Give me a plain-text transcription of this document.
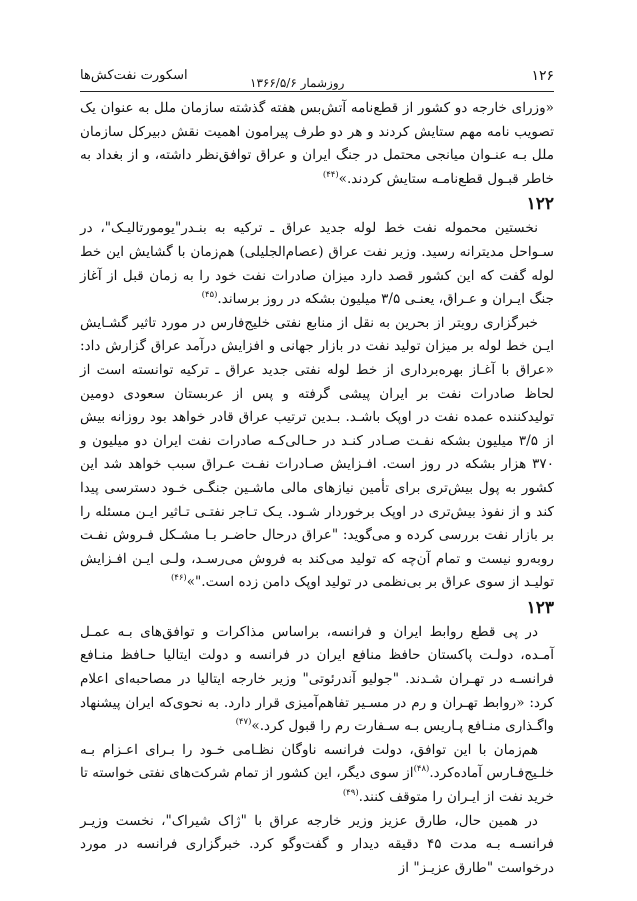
اسکورت نفت‌کش‌ها	روزشمار ۱۳۶۶/۵/۶	۱۲۶

«وزرای خارجه دو کشور از قطع‌نامه آتش‌بس هفته گذشته سازمان ملل به عنوان یک تصویب نامه مهم ستایش کردند و هر دو طرف پیرامون اهمیت نقش دبیرکل سازمان ملل بـه عنـوان میانجی محتمل در جنگ ایران و عراق توافق‌نظر داشته، و از بغداد به خاطر قبـول قطع‌نامـه ستایش کردند.»$^{(۴۴)}$

۱۲۲

نخستین محموله نفت خط لوله جدید عراق ـ ترکیه به بنـدر"یومورتالیـک"، در سـواحل مدیترانه رسید. وزیر نفت عراق (عصام‌الجلیلی) هم‌زمان با گشایش این خط لوله گفت که این کشور قصد دارد میزان صادرات نفت خود را به زمان قبل از آغاز جنگ ایـران و عـراق، یعنـی ۳/۵ میلیون بشکه در روز برساند.$^{(۴۵)}$

خبرگزاری رویتر از بحرین به نقل از منابع نفتی خلیج‌فارس در مورد تاثیر گشـایش ایـن خط لوله بر میزان تولید نفت در بازار جهانی و افزایش درآمد عراق گزارش داد: «عراق با آغـاز بهره‌برداری از خط لوله نفتی جدید عراق ـ ترکیه توانسته است از لحاظ صادرات نفت بر ایران پیشی گرفته و پس از عربستان سعودی دومین تولیدکننده عمده نفت در اوپک باشـد. بـدین ترتیب عراق قادر خواهد بود روزانه بیش از ۳/۵ میلیون بشکه نفـت صـادر کنـد در حـالی‌کـه صادرات نفت ایران دو میلیون و ۳۷۰ هزار بشکه در روز است. افـزایش صـادرات نفـت عـراق سبب خواهد شد این کشور به پول بیش‌تری برای تأمین نیازهای مالی ماشـین جنگـی خـود دسترسی پیدا کند و از نفوذ بیش‌تری در اوپک برخوردار شـود. یـک تـاجر نفتـی تـاثیر ایـن مسئله را بر بازار نفت بررسی کرده و می‌گوید: "عراق درحال حاضـر بـا مشـکل فـروش نفـت روبه‌رو نیست و تمام آن‌چه که تولید می‌کند به فروش می‌رسـد، ولـی ایـن افـزایش تولیـد از سوی عراق بر بی‌نظمی در تولید اوپک دامن زده است."»$^{(۴۶)}$

۱۲۳

در پی قطع روابط ایران و فرانسه، براساس مذاکرات و توافق‌های بـه عمـل آمـده، دولـت پاکستان حافظ منافع ایران در فرانسه و دولت ایتالیا حـافظ منـافع فرانسـه در تهـران شـدند. "جولیو آندرئوتی" وزیر خارجه ایتالیا در مصاحبه‌ای اعلام کرد: «روابط تهـران و رم در مسـیر تفاهم‌آمیزی قرار دارد. به نحوی‌که ایران پیشنهاد واگـذاری منـافع پـاریس بـه سـفارت رم را قبول کرد.»$^{(۴۷)}$

هم‌زمان با این توافق، دولت فرانسه ناوگان نظـامی خـود را بـرای اعـزام بـه خلـیج‌فـارس آماده‌کرد.$^{(۴۸)}$از سوی دیگر، این کشور از تمام شرکت‌های نفتی خواسته تا خرید نفت از ایـران را متوقف کنند.$^{(۴۹)}$

در همین حال، طارق عزیز وزیر خارجه عراق با "ژاک شیراک"، نخست وزیـر فرانسـه بـه مدت ۴۵ دقیقه دیدار و گفت‌وگو کرد. خبرگزاری فرانسه در مورد درخواست "طارق عزیـز" از
